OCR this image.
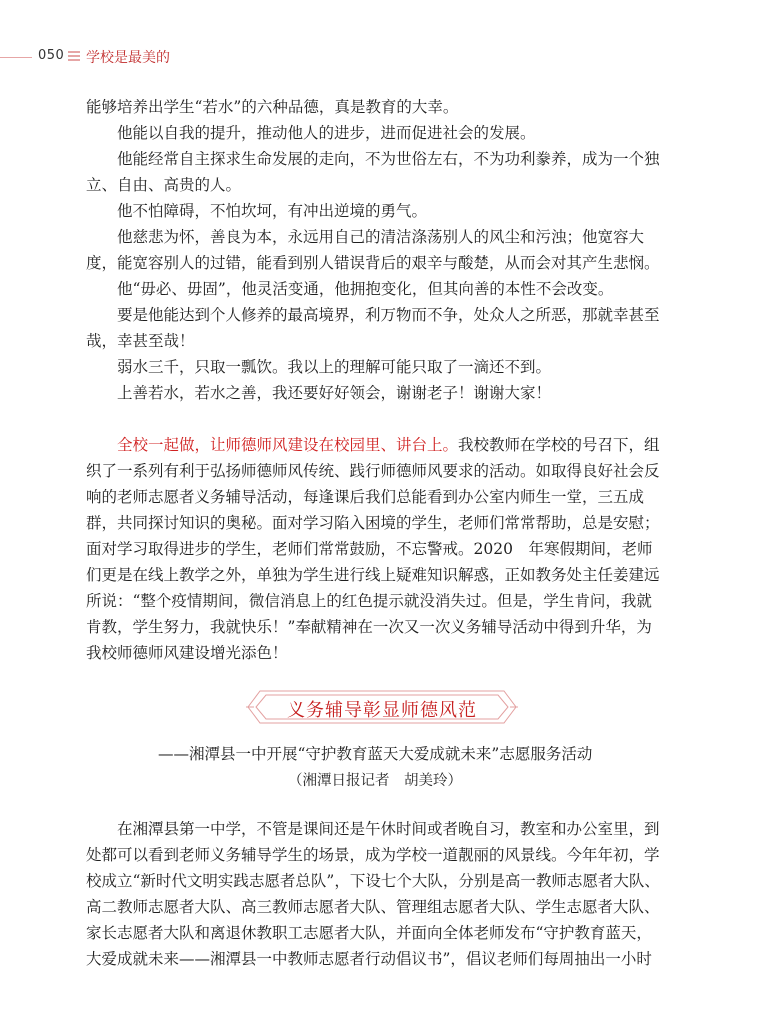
050 学校是最美的

能够培养出学生“若水”的六种品德，真是教育的大幸。

他能以自我的提升，推动他人的进步，进而促进社会的发展。

他能经常自主探求生命发展的走向，不为世俗左右，不为功利豢养，成为一个独立、自由、高贵的人。

他不怕障碍，不怕坎坷，有冲出逆境的勇气。

他慈悲为怀，善良为本，永远用自己的清洁涤荡别人的风尘和污浊；他宽容大度，能宽容别人的过错，能看到别人错误背后的艰辛与酸楚，从而会对其产生悲悯。

他“毋必、毋固”，他灵活变通，他拥抱变化，但其向善的本性不会改变。

要是他能达到个人修养的最高境界，利万物而不争，处众人之所恶，那就幸甚至哉，幸甚至哉！

弱水三千，只取一瓢饮。我以上的理解可能只取了一滴还不到。

上善若水，若水之善，我还要好好领会，谢谢老子！谢谢大家！

全校一起做，让师德师风建设在校园里、讲台上。我校教师在学校的号召下，组织了一系列有利于弘扬师德师风传统、践行师德师风要求的活动。如取得良好社会反响的老师志愿者义务辅导活动，每逢课后我们总能看到办公室内师生一堂，三五成群，共同探讨知识的奥秘。面对学习陷入困境的学生，老师们常常帮助，总是安慰；面对学习取得进步的学生，老师们常常鼓励，不忘警戒。2020　年寒假期间，老师们更是在线上教学之外，单独为学生进行线上疑难知识解惑，正如教务处主任姜建远所说：“整个疫情期间，微信消息上的红色提示就没消失过。但是，学生肯问，我就肯教，学生努力，我就快乐！”奉献精神在一次又一次义务辅导活动中得到升华，为我校师德师风建设增光添色！

义务辅导彰显师德风范
——湘潭县一中开展“守护教育蓝天大爱成就未来”志愿服务活动
（湘潭日报记者　胡美玲）

在湘潭县第一中学，不管是课间还是午休时间或者晚自习，教室和办公室里，到处都可以看到老师义务辅导学生的场景，成为学校一道靓丽的风景线。今年年初，学校成立“新时代文明实践志愿者总队”，下设七个大队，分别是高一教师志愿者大队、高二教师志愿者大队、高三教师志愿者大队、管理组志愿者大队、学生志愿者大队、家长志愿者大队和离退休教职工志愿者大队，并面向全体老师发布“守护教育蓝天，大爱成就未来——湘潭县一中教师志愿者行动倡议书”，倡议老师们每周抽出一小时
